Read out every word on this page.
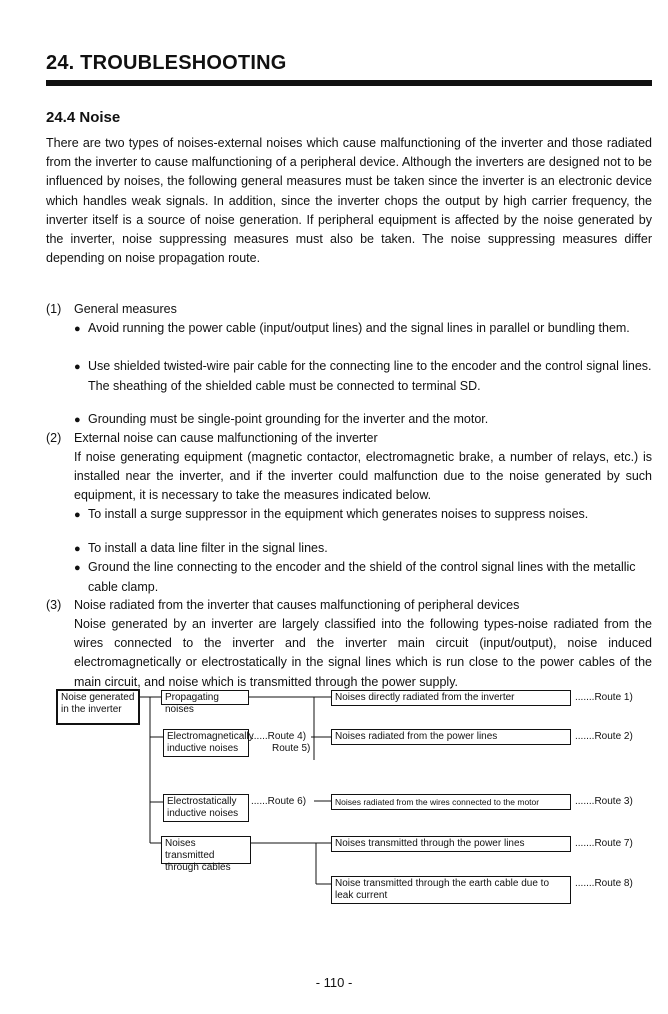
24. TROUBLESHOOTING
24.4 Noise
There are two types of noises-external noises which cause malfunctioning of the inverter and those radiated from the inverter to cause malfunctioning of a peripheral device. Although the inverters are designed not to be influenced by noises, the following general measures must be taken since the inverter is an electronic device which handles weak signals. In addition, since the inverter chops the output by high carrier frequency, the inverter itself is a source of noise generation. If peripheral equipment is affected by the noise generated by the inverter, noise suppressing measures must also be taken. The noise suppressing measures differ depending on noise propagation route.
(1) General measures
● Avoid running the power cable (input/output lines) and the signal lines in parallel or bundling them.
● Use shielded twisted-wire pair cable for the connecting line to the encoder and the control signal lines. The sheathing of the shielded cable must be connected to terminal SD.
● Grounding must be single-point grounding for the inverter and the motor.
(2) External noise can cause malfunctioning of the inverter
If noise generating equipment (magnetic contactor, electromagnetic brake, a number of relays, etc.) is installed near the inverter, and if the inverter could malfunction due to the noise generated by such equipment, it is necessary to take the measures indicated below.
● To install a surge suppressor in the equipment which generates noises to suppress noises.
● To install a data line filter in the signal lines.
● Ground the line connecting to the encoder and the shield of the control signal lines with the metallic cable clamp.
(3) Noise radiated from the inverter that causes malfunctioning of peripheral devices
Noise generated by an inverter are largely classified into the following types-noise radiated from the wires connected to the inverter and the inverter main circuit (input/output), noise induced electromagnetically or electrostatically in the signal lines which is run close to the power cables of the main circuit, and noise which is transmitted through the power supply.
Noise generated in the inverter
Propagating noises
Electromagnetically inductive noises
Electrostatically inductive noises
Noises transmitted through cables
......Route 4)
Route 5)
......Route 6)
Noises directly radiated from the inverter
Noises radiated from the power lines
Noises radiated from the wires connected to the motor
Noises transmitted through the power lines
Noise transmitted through the earth cable due to leak current
.......Route 1)
.......Route 2)
.......Route 3)
.......Route 7)
.......Route 8)
- 110 -
